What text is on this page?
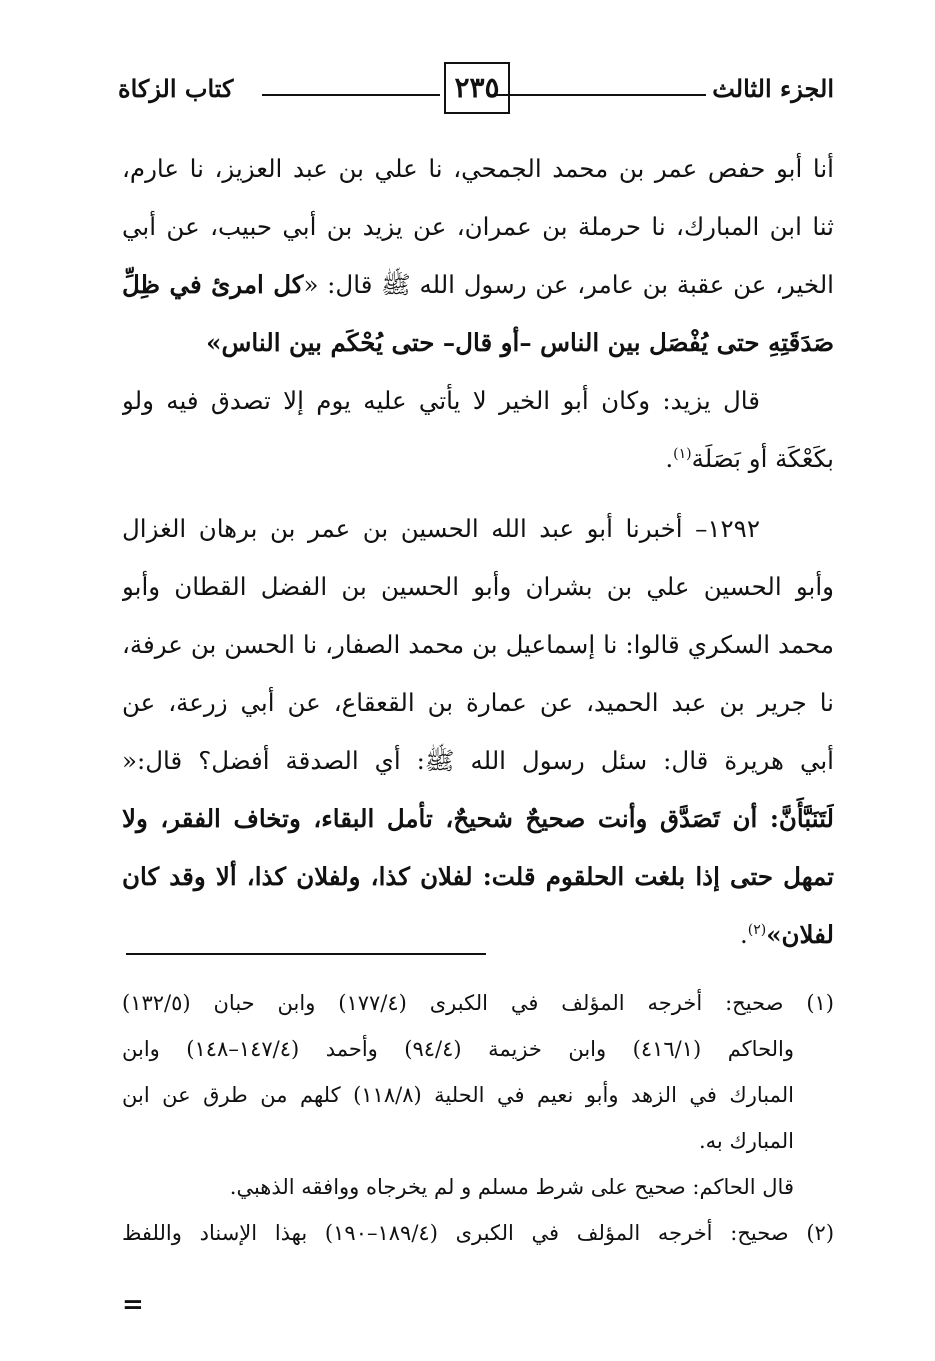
الجزء الثالث
٢٣٥
كتاب الزكاة
أنا أبو حفص عمر بن محمد الجمحي، نا علي بن عبد العزيز، نا عارم،
ثنا ابن المبارك، نا حرملة بن عمران، عن يزيد بن أبي حبيب، عن أبي
الخير، عن عقبة بن عامر، عن رسول الله ﷺ قال: «كل امرئ في ظِلِّ
صَدَقَتِهِ حتى يُفْصَل بين الناس –أو قال– حتى يُحْكَم بين الناس»
قال يزيد: وكان أبو الخير لا يأتي عليه يوم إلا تصدق فيه ولو
بكَعْكَة أو بَصَلَة$^{(١)}$.
١٢٩٢– أخبرنا أبو عبد الله الحسين بن عمر بن برهان الغزال
وأبو الحسين علي بن بشران وأبو الحسين بن الفضل القطان وأبو
محمد السكري قالوا: نا إسماعيل بن محمد الصفار، نا الحسن بن عرفة،
نا جرير بن عبد الحميد، عن عمارة بن القعقاع، عن أبي زرعة، عن
أبي هريرة قال: سئل رسول الله ﷺ: أي الصدقة أفضل؟ قال:«
لَتَنَبَّأَنَّ: أن تَصَدَّق وأنت صحيحٌ شحيحٌ، تأمل البقاء، وتخاف الفقر، ولا
تمهل حتى إذا بلغت الحلقوم قلت: لفلان كذا، ولفلان كذا، ألا وقد كان
لفلان»$^{(٢)}$.
(١) صحيح: أخرجه المؤلف في الكبرى (١٧٧/٤) وابن حبان (١٣٢/٥)
والحاكم (٤١٦/١) وابن خزيمة (٩٤/٤) وأحمد (١٤٧/٤–١٤٨) وابن
المبارك في الزهد وأبو نعيم في الحلية (١١٨/٨) كلهم من طرق عن ابن
المبارك به.
قال الحاكم: صحيح على شرط مسلم و لم يخرجاه ووافقه الذهبي.
(٢) صحيح: أخرجه المؤلف في الكبرى (١٨٩/٤–١٩٠) بهذا الإسناد واللفظ
=
